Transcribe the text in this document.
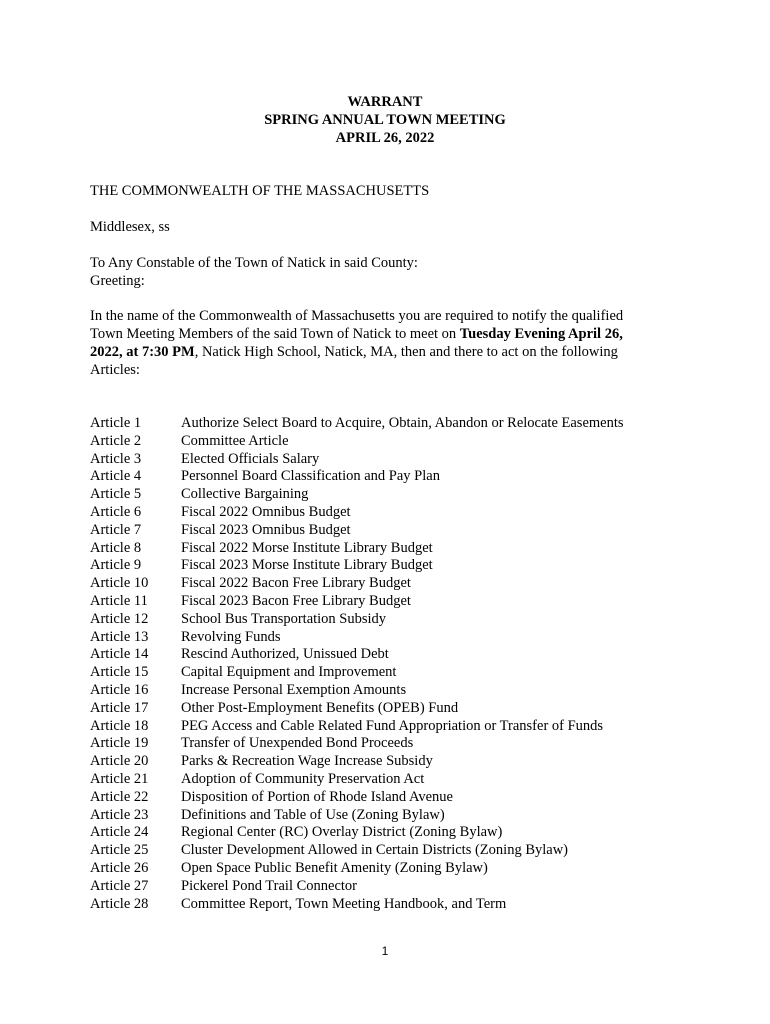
WARRANT
SPRING ANNUAL TOWN MEETING
APRIL 26, 2022
THE COMMONWEALTH OF THE MASSACHUSETTS
Middlesex, ss
To Any Constable of the Town of Natick in said County:
Greeting:
In the name of the Commonwealth of Massachusetts you are required to notify the qualified
Town Meeting Members of the said Town of Natick to meet on Tuesday Evening April 26,
2022, at 7:30 PM, Natick High School, Natick, MA, then and there to act on the following
Articles:
Article 1	Authorize Select Board to Acquire, Obtain, Abandon or Relocate Easements
Article 2	Committee Article
Article 3	Elected Officials Salary
Article 4	Personnel Board Classification and Pay Plan
Article 5	Collective Bargaining
Article 6	Fiscal 2022 Omnibus Budget
Article 7	Fiscal 2023 Omnibus Budget
Article 8	Fiscal 2022 Morse Institute Library Budget
Article 9	Fiscal 2023 Morse Institute Library Budget
Article 10	Fiscal 2022 Bacon Free Library Budget
Article 11	Fiscal 2023 Bacon Free Library Budget
Article 12	School Bus Transportation Subsidy
Article 13	Revolving Funds
Article 14	Rescind Authorized, Unissued Debt
Article 15	Capital Equipment and Improvement
Article 16	Increase Personal Exemption Amounts
Article 17	Other Post-Employment Benefits (OPEB) Fund
Article 18	PEG Access and Cable Related Fund Appropriation or Transfer of Funds
Article 19	Transfer of Unexpended Bond Proceeds
Article 20	Parks & Recreation Wage Increase Subsidy
Article 21	Adoption of Community Preservation Act
Article 22	Disposition of Portion of Rhode Island Avenue
Article 23	Definitions and Table of Use (Zoning Bylaw)
Article 24	Regional Center (RC) Overlay District (Zoning Bylaw)
Article 25	Cluster Development Allowed in Certain Districts (Zoning Bylaw)
Article 26	Open Space Public Benefit Amenity (Zoning Bylaw)
Article 27	Pickerel Pond Trail Connector
Article 28	Committee Report, Town Meeting Handbook, and Term
1
